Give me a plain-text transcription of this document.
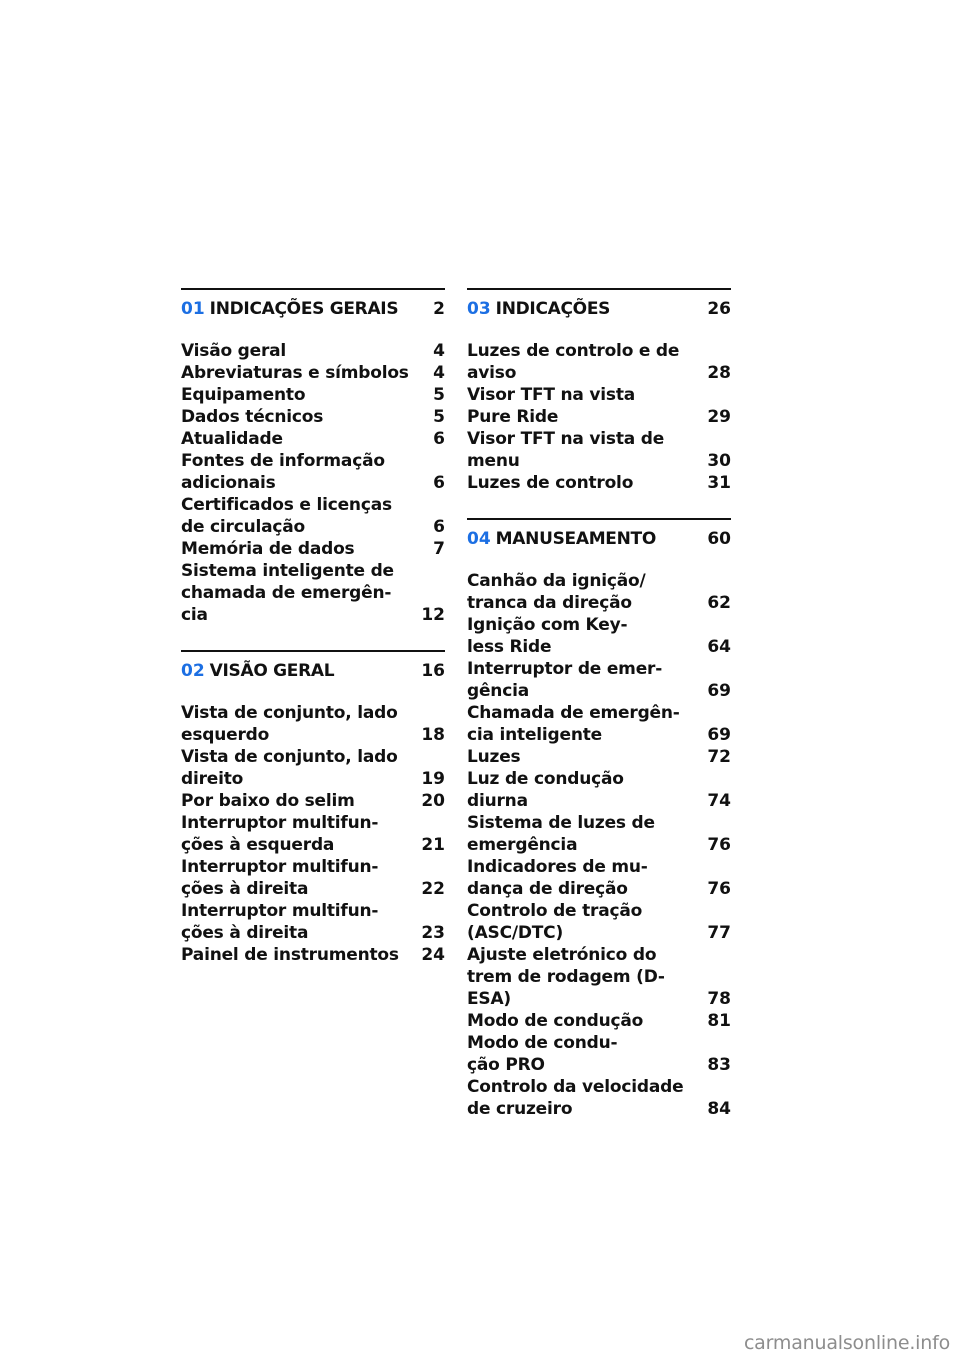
01 INDICAÇÕES GERAIS	2
Visão geral	4
Abreviaturas e símbolos	4
Equipamento	5
Dados técnicos	5
Atualidade	6
Fontes de informação
adicionais	6
Certificados e licenças
de circulação	6
Memória de dados	7
Sistema inteligente de
chamada de emergên-
cia	12
02 VISÃO GERAL	16
Vista de conjunto, lado
esquerdo	18
Vista de conjunto, lado
direito	19
Por baixo do selim	20
Interruptor multifun-
ções à esquerda	21
Interruptor multifun-
ções à direita	22
Interruptor multifun-
ções à direita	23
Painel de instrumentos	24
03 INDICAÇÕES	26
Luzes de controlo e de
aviso	28
Visor TFT na vista
Pure Ride	29
Visor TFT na vista de
menu	30
Luzes de controlo	31
04 MANUSEAMENTO	60
Canhão da ignição/
tranca da direção	62
Ignição com Key-
less Ride	64
Interruptor de emer-
gência	69
Chamada de emergên-
cia inteligente	69
Luzes	72
Luz de condução
diurna	74
Sistema de luzes de
emergência	76
Indicadores de mu-
dança de direção	76
Controlo de tração
(ASC/DTC)	77
Ajuste eletrónico do
trem de rodagem (D-
ESA)	78
Modo de condução	81
Modo de condu-
ção PRO	83
Controlo da velocidade
de cruzeiro	84
carmanualsonline.info
